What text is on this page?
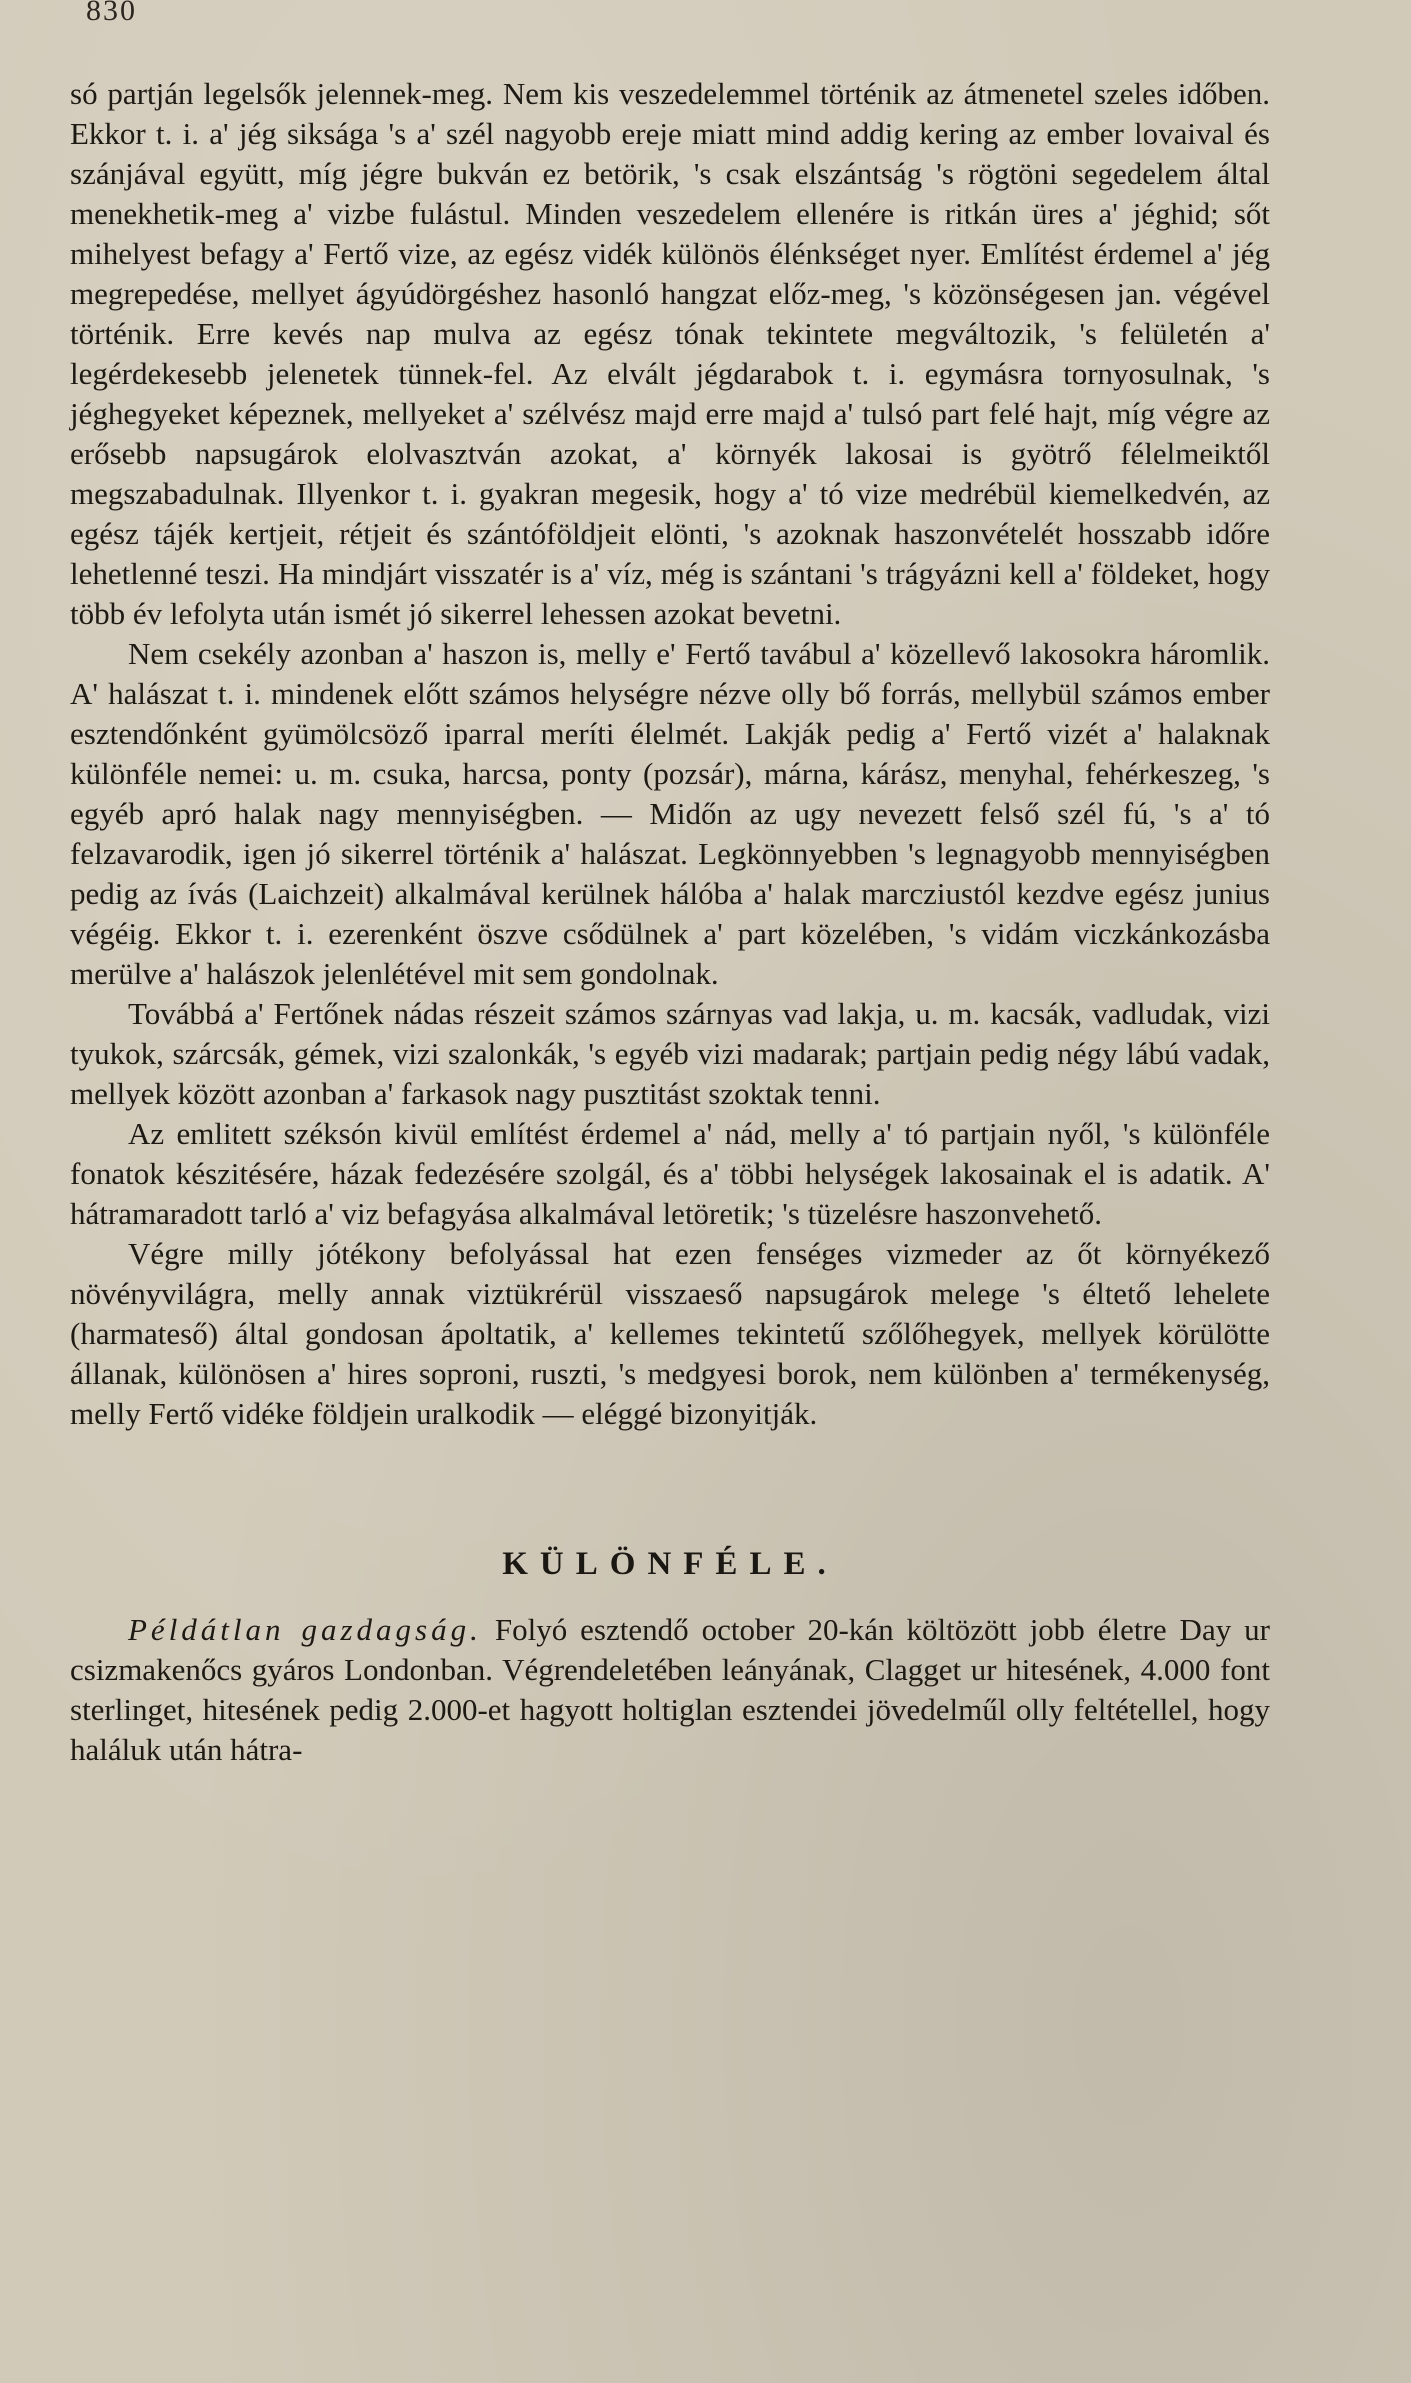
830

só partján legelsők jelennek-meg. Nem kis veszedelemmel történik az átmenetel szeles időben. Ekkor t. i. a' jég siksága 's a' szél nagyobb ereje miatt mind addig kering az ember lovaival és szánjával együtt, míg jégre bukván ez betörik, 's csak elszántság 's rögtöni segedelem által menekhetik-meg a' vizbe fulástul. Minden veszedelem ellenére is ritkán üres a' jéghid; sőt mihelyest befagy a' Fertő vize, az egész vidék különös élénkséget nyer. Említést érdemel a' jég megrepedése, mellyet ágyúdörgéshez hasonló hangzat előz-meg, 's közönségesen jan. végével történik. Erre kevés nap mulva az egész tónak tekintete megváltozik, 's felületén a' legérdekesebb jelenetek tünnek-fel. Az elvált jégdarabok t. i. egymásra tornyosulnak, 's jéghegyeket képeznek, mellyeket a' szélvész majd erre majd a' tulsó part felé hajt, míg végre az erősebb napsugárok elolvasztván azokat, a' környék lakosai is gyötrő félelmeiktől megszabadulnak. Illyenkor t. i. gyakran megesik, hogy a' tó vize medrébül kiemelkedvén, az egész tájék kertjeit, rétjeit és szántóföldjeit elönti, 's azoknak haszonvételét hosszabb időre lehetlenné teszi. Ha mindjárt visszatér is a' víz, még is szántani 's trágyázni kell a' földeket, hogy több év lefolyta után ismét jó sikerrel lehessen azokat bevetni.

Nem csekély azonban a' haszon is, melly e' Fertő tavábul a' közellevő lakosokra háromlik. A' halászat t. i. mindenek előtt számos helységre nézve olly bő forrás, mellybül számos ember esztendőnként gyümölcsöző iparral meríti élelmét. Lakják pedig a' Fertő vizét a' halaknak különféle nemei: u. m. csuka, harcsa, ponty (pozsár), márna, kárász, menyhal, fehérkeszeg, 's egyéb apró halak nagy mennyiségben. — Midőn az ugy nevezett felső szél fú, 's a' tó felzavarodik, igen jó sikerrel történik a' halászat. Legkönnyebben 's legnagyobb mennyiségben pedig az ívás (Laichzeit) alkalmával kerülnek hálóba a' halak marcziustól kezdve egész junius végéig. Ekkor t. i. ezerenként öszve csődülnek a' part közelében, 's vidám viczkánkozásba merülve a' halászok jelenlétével mit sem gondolnak.

Továbbá a' Fertőnek nádas részeit számos szárnyas vad lakja, u. m. kacsák, vadludak, vizi tyukok, szárcsák, gémek, vizi szalonkák, 's egyéb vizi madarak; partjain pedig négy lábú vadak, mellyek között azonban a' farkasok nagy pusztitást szoktak tenni.

Az emlitett széksón kivül említést érdemel a' nád, melly a' tó partjain nyől, 's különféle fonatok készitésére, házak fedezésére szolgál, és a' többi helységek lakosainak el is adatik. A' hátramaradott tarló a' viz befagyása alkalmával letöretik; 's tüzelésre haszonvehető.

Végre milly jótékony befolyással hat ezen fenséges vizmeder az őt környékező növényvilágra, melly annak viztükrérül visszaeső napsugárok melege 's éltető lehelete (harmateső) által gondosan ápoltatik, a' kellemes tekintetű szőlőhegyek, mellyek körülötte állanak, különösen a' hires soproni, ruszti, 's medgyesi borok, nem különben a' termékenység, melly Fertő vidéke földjein uralkodik — eléggé bizonyitják.

KÜLÖNFÉLE.

Példátlan gazdagság. Folyó esztendő october 20-kán költözött jobb életre Day ur csizmakenőcs gyáros Londonban. Végrendeletében leányának, Clagget ur hitesének, 4.000 font sterlinget, hitesének pedig 2.000-et hagyott holtiglan esztendei jövedelműl olly feltétellel, hogy haláluk után hátra-
